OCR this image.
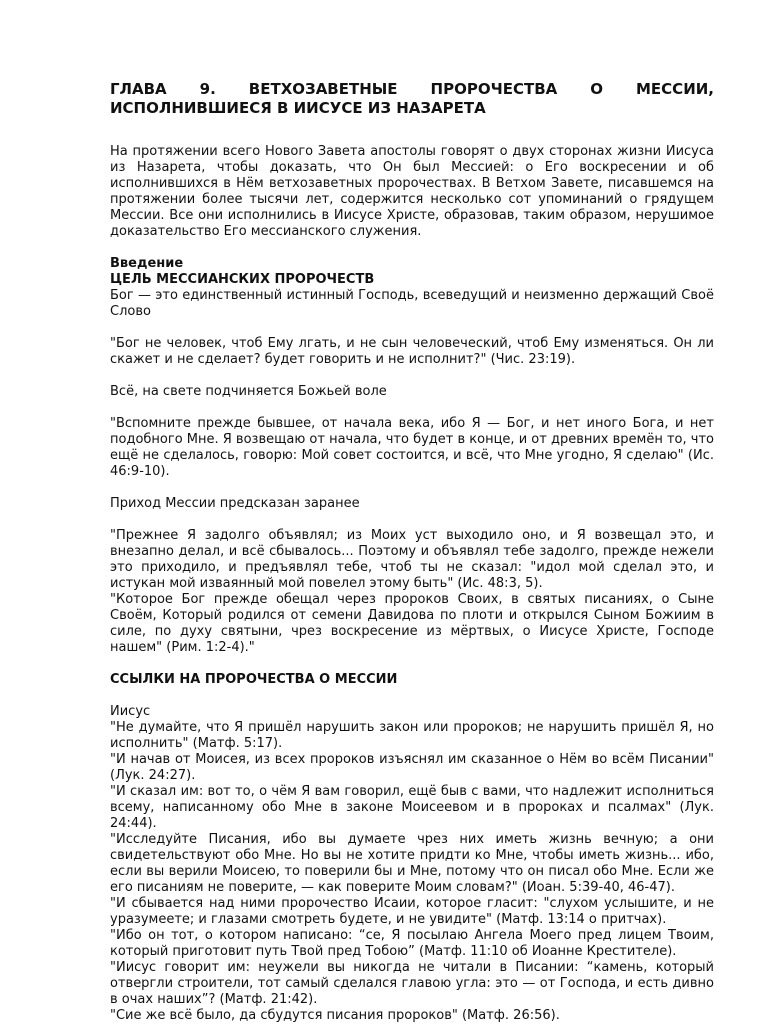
ГЛАВА 9. ВЕТХОЗАВЕТНЫЕ ПРОРОЧЕСТВА О МЕССИИ,
ИСПОЛНИВШИЕСЯ В ИИСУСЕ ИЗ НАЗАРЕТА

На протяжении всего Нового Завета апостолы говорят о двух сторонах жизни Иисуса из Назарета, чтобы доказать, что Он был Мессией: о Его воскресении и об исполнившихся в Нём ветхозаветных пророчествах. В Ветхом Завете, писавшемся на протяжении более тысячи лет, содержится несколько сот упоминаний о грядущем Мессии. Все они исполнились в Иисусе Христе, образовав, таким образом, нерушимое доказательство Его мессианского служения.

Введение
ЦЕЛЬ МЕССИАНСКИХ ПРОРОЧЕСТВ

Бог — это единственный истинный Господь, всеведущий и неизменно держащий Своё Слово

"Бог не человек, чтоб Ему лгать, и не сын человеческий, чтоб Ему изменяться. Он ли скажет и не сделает? будет говорить и не исполнит?" (Чис. 23:19).

Всё, на свете подчиняется Божьей воле

"Вспомните прежде бывшее, от начала века, ибо Я — Бог, и нет иного Бога, и нет подобного Мне. Я возвещаю от начала, что будет в конце, и от древних времён то, что ещё не сделалось, говорю: Мой совет состоится, и всё, что Мне угодно, Я сделаю" (Ис. 46:9-10).

Приход Мессии предсказан заранее

"Прежнее Я задолго объявлял; из Моих уст выходило оно, и Я возвещал это, и внезапно делал, и всё сбывалось... Поэтому и объявлял тебе задолго, прежде нежели это приходило, и предъявлял тебе, чтоб ты не сказал: "идол мой сделал это, и истукан мой изваянный мой повелел этому быть" (Ис. 48:3, 5).

"Которое Бог прежде обещал через пророков Своих, в святых писаниях, о Сыне Своём, Который родился от семени Давидова по плоти и открылся Сыном Божиим в силе, по духу святыни, чрез воскресение из мёртвых, о Иисусе Христе, Господе нашем" (Рим. 1:2-4)."

ССЫЛКИ НА ПРОРОЧЕСТВА О МЕССИИ

Иисус

"Не думайте, что Я пришёл нарушить закон или пророков; не нарушить пришёл Я, но исполнить" (Матф. 5:17).

"И начав от Моисея, из всех пророков изъяснял им сказанное о Нём во всём Писании" (Лук. 24:27).

"И сказал им: вот то, о чём Я вам говорил, ещё быв с вами, что надлежит исполниться всему, написанному обо Мне в законе Моисеевом и в пророках и псалмах" (Лук. 24:44).

"Исследуйте Писания, ибо вы думаете чрез них иметь жизнь вечную; а они свидетельствуют обо Мне. Но вы не хотите придти ко Мне, чтобы иметь жизнь... ибо, если вы верили Моисею, то поверили бы и Мне, потому что он писал обо Мне. Если же его писаниям не поверите, — как поверите Моим словам?" (Иоан. 5:39-40, 46-47).

"И сбывается над ними пророчество Исаии, которое гласит: "слухом услышите, и не уразумеете; и глазами смотреть будете, и не увидите" (Матф. 13:14 о притчах).

"Ибо он тот, о котором написано: “се, Я посылаю Ангела Моего пред лицем Твоим, который приготовит путь Твой пред Тобою” (Матф. 11:10 об Иоанне Крестителе).

"Иисус говорит им: неужели вы никогда не читали в Писании: “камень, который отвергли строители, тот самый сделался главою угла: это — от Господа, и есть дивно в очах наших”? (Матф. 21:42).

"Сие же всё было, да сбудутся писания пророков" (Матф. 26:56).
